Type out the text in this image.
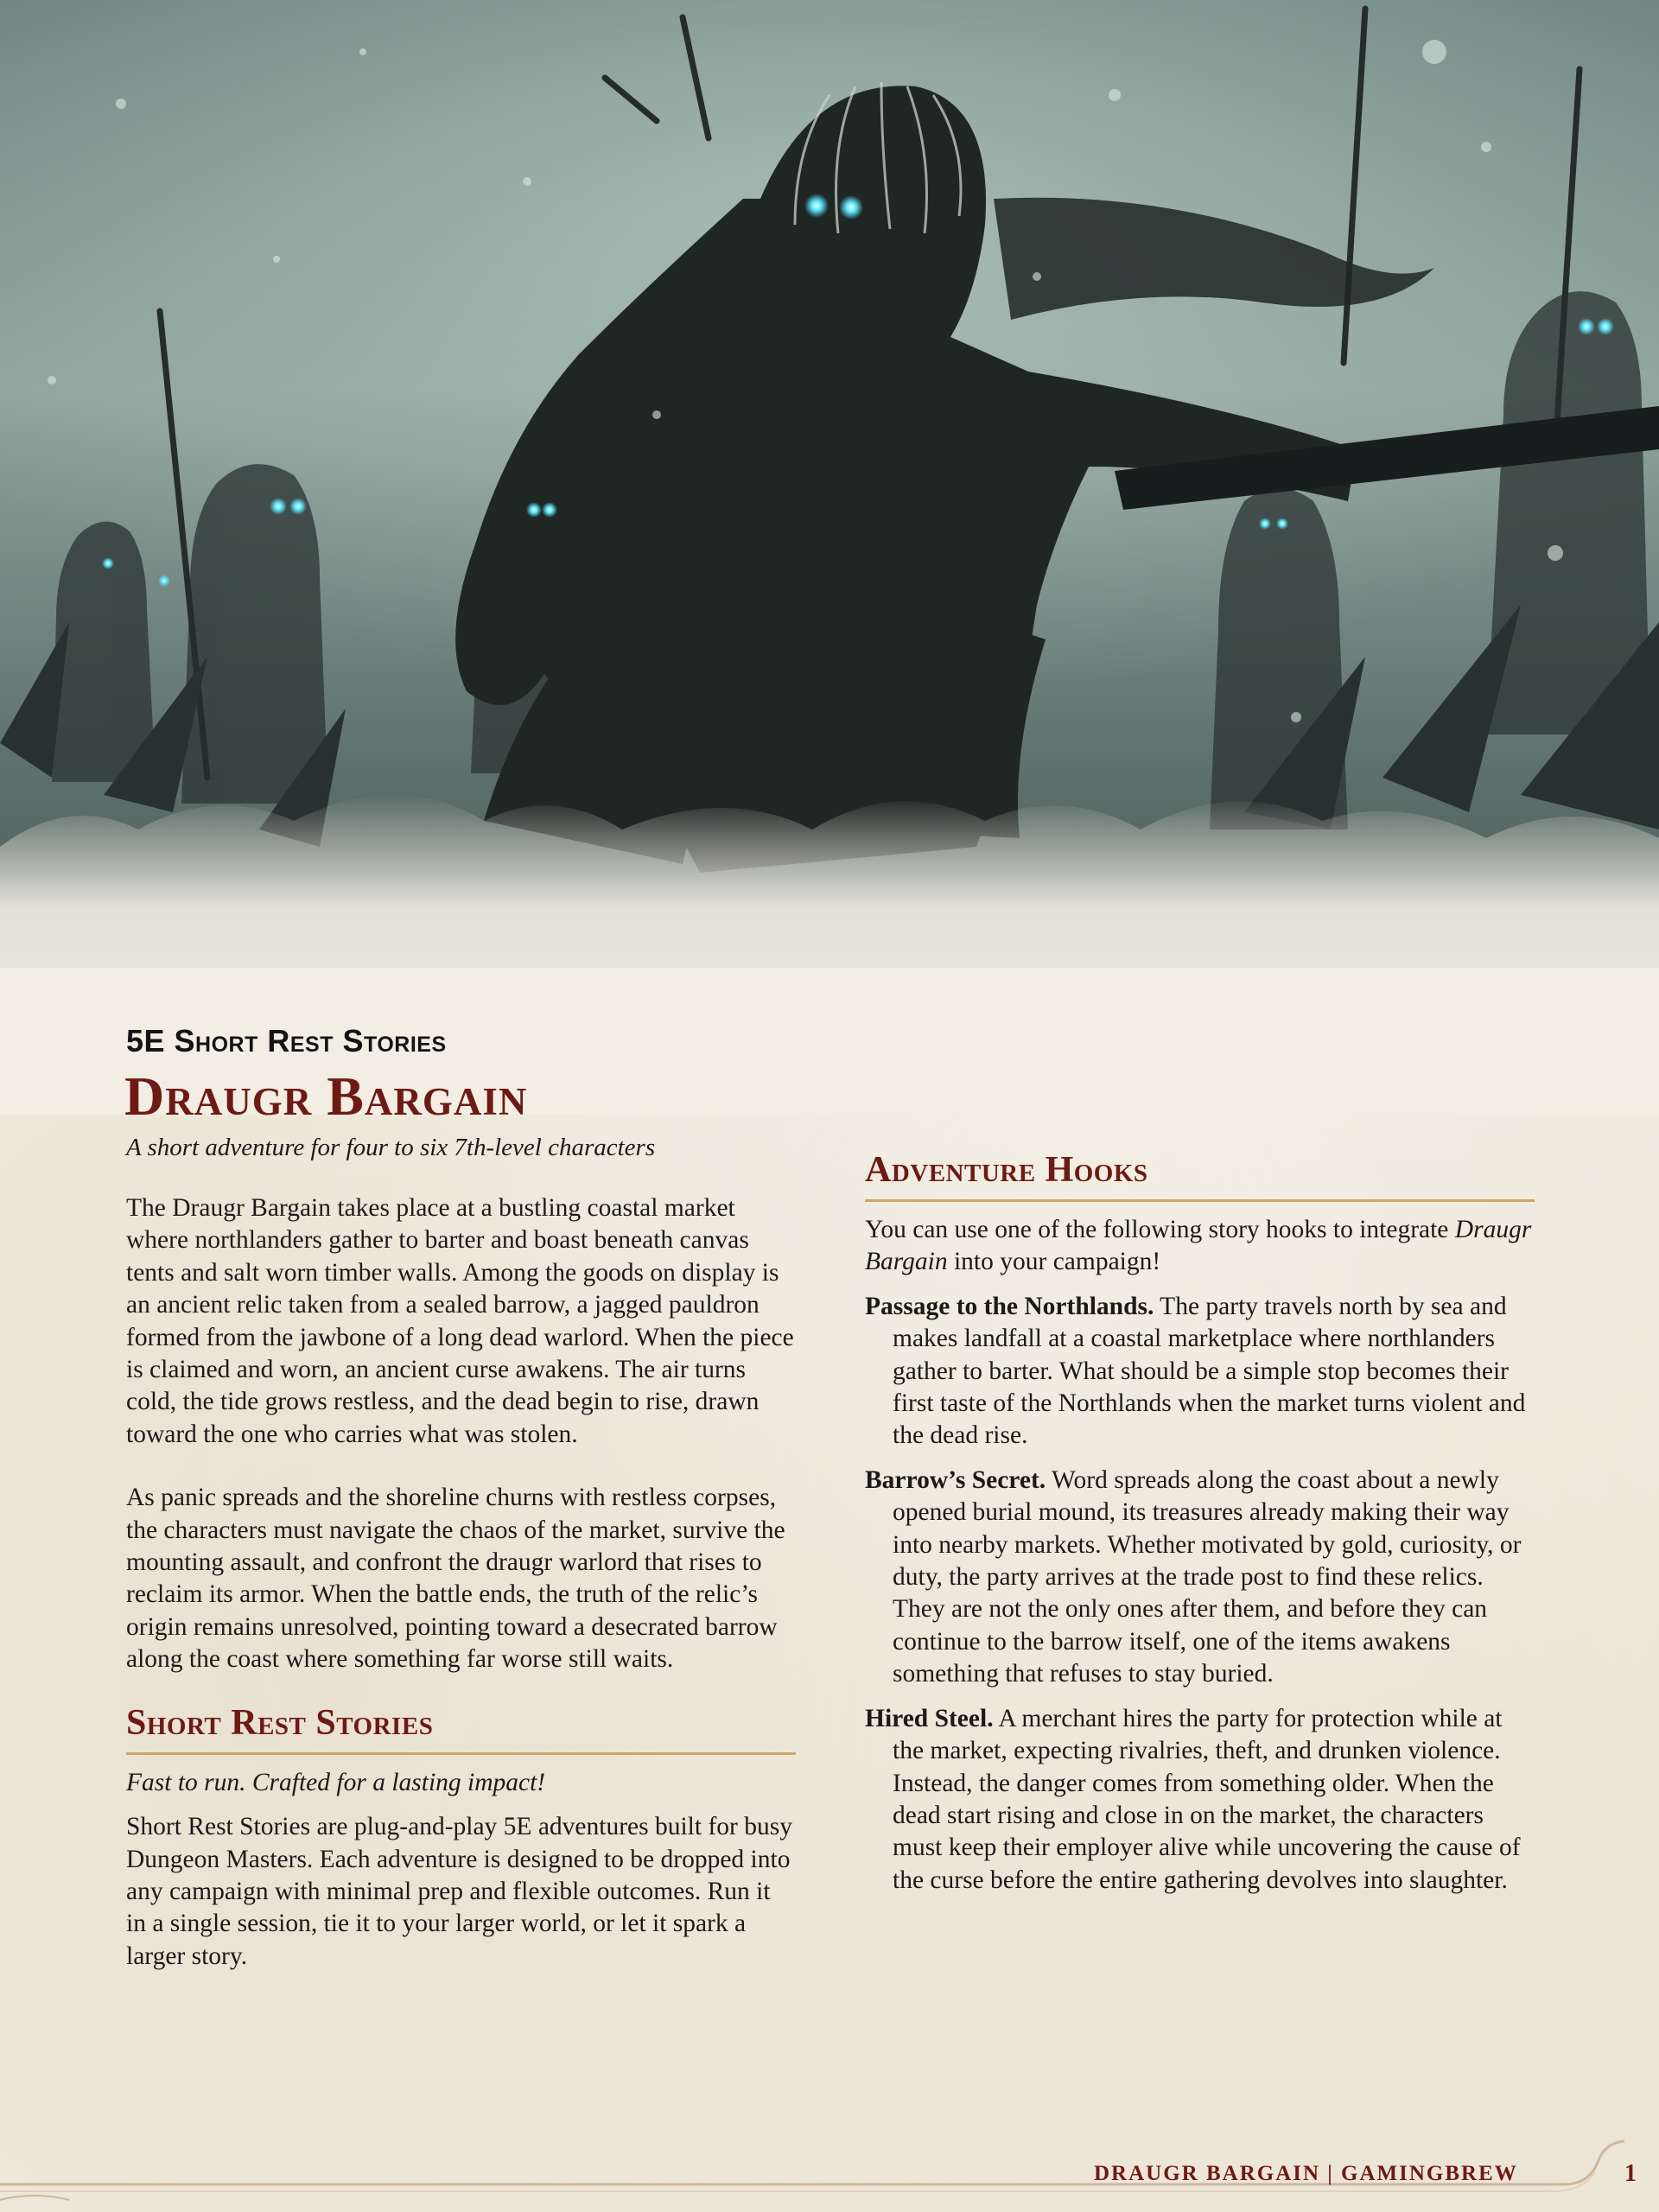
5E Short Rest Stories
Draugr Bargain
A short adventure for four to six 7th-level characters

The Draugr Bargain takes place at a bustling coastal market where northlanders gather to barter and boast beneath canvas tents and salt worn timber walls. Among the goods on display is an ancient relic taken from a sealed barrow, a jagged pauldron formed from the jawbone of a long dead warlord. When the piece is claimed and worn, an ancient curse awakens. The air turns cold, the tide grows restless, and the dead begin to rise, drawn toward the one who carries what was stolen.

As panic spreads and the shoreline churns with restless corpses, the characters must navigate the chaos of the market, survive the mounting assault, and confront the draugr warlord that rises to reclaim its armor. When the battle ends, the truth of the relic’s origin remains unresolved, pointing toward a desecrated barrow along the coast where something far worse still waits.

Short Rest Stories

Fast to run. Crafted for a lasting impact!

Short Rest Stories are plug-and-play 5E adventures built for busy Dungeon Masters. Each adventure is designed to be dropped into any campaign with minimal prep and flexible outcomes. Run it in a single session, tie it to your larger world, or let it spark a larger story.

Adventure Hooks

You can use one of the following story hooks to integrate Draugr Bargain into your campaign!

Passage to the Northlands. The party travels north by sea and makes landfall at a coastal marketplace where northlanders gather to barter. What should be a simple stop becomes their first taste of the Northlands when the market turns violent and the dead rise.

Barrow’s Secret. Word spreads along the coast about a newly opened burial mound, its treasures already making their way into nearby markets. Whether motivated by gold, curiosity, or duty, the party arrives at the trade post to find these relics. They are not the only ones after them, and before they can continue to the barrow itself, one of the items awakens something that refuses to stay buried.

Hired Steel. A merchant hires the party for protection while at the market, expecting rivalries, theft, and drunken violence. Instead, the danger comes from something older. When the dead start rising and close in on the market, the characters must keep their employer alive while uncovering the cause of the curse before the entire gathering devolves into slaughter.

DRAUGR BARGAIN | GAMINGBREW	1
